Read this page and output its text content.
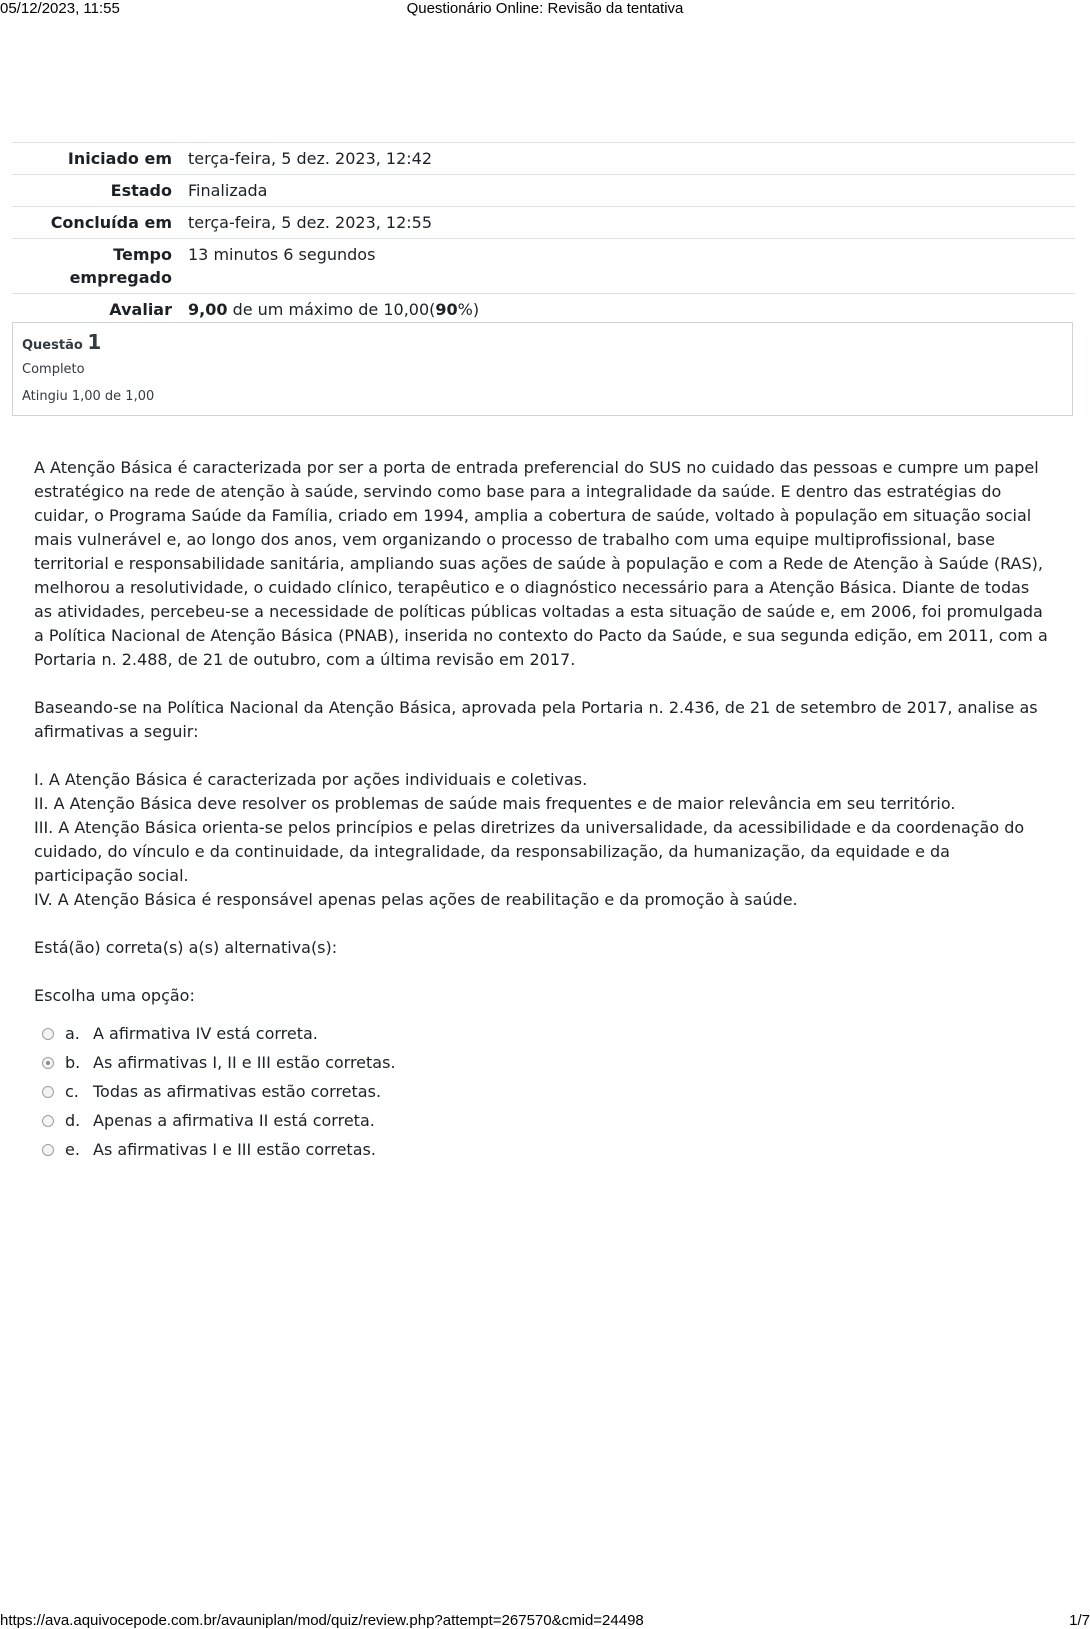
05/12/2023, 11:55	Questionário Online: Revisão da tentativa
Iniciado em	terça-feira, 5 dez. 2023, 12:42
Estado	Finalizada
Concluída em	terça-feira, 5 dez. 2023, 12:55
Tempo empregado	13 minutos 6 segundos
Avaliar	9,00 de um máximo de 10,00(90%)
Questão 1
Completo
Atingiu 1,00 de 1,00

A Atenção Básica é caracterizada por ser a porta de entrada preferencial do SUS no cuidado das pessoas e cumpre um papel estratégico na rede de atenção à saúde, servindo como base para a integralidade da saúde. E dentro das estratégias do cuidar, o Programa Saúde da Família, criado em 1994, amplia a cobertura de saúde, voltado à população em situação social mais vulnerável e, ao longo dos anos, vem organizando o processo de trabalho com uma equipe multiprofissional, base territorial e responsabilidade sanitária, ampliando suas ações de saúde à população e com a Rede de Atenção à Saúde (RAS), melhorou a resolutividade, o cuidado clínico, terapêutico e o diagnóstico necessário para a Atenção Básica. Diante de todas as atividades, percebeu-se a necessidade de políticas públicas voltadas a esta situação de saúde e, em 2006, foi promulgada a Política Nacional de Atenção Básica (PNAB), inserida no contexto do Pacto da Saúde, e sua segunda edição, em 2011, com a Portaria n. 2.488, de 21 de outubro, com a última revisão em 2017.

Baseando-se na Política Nacional da Atenção Básica, aprovada pela Portaria n. 2.436, de 21 de setembro de 2017, analise as afirmativas a seguir:

I. A Atenção Básica é caracterizada por ações individuais e coletivas.

II. A Atenção Básica deve resolver os problemas de saúde mais frequentes e de maior relevância em seu território.

III. A Atenção Básica orienta-se pelos princípios e pelas diretrizes da universalidade, da acessibilidade e da coordenação do cuidado, do vínculo e da continuidade, da integralidade, da responsabilização, da humanização, da equidade e da participação social.

IV. A Atenção Básica é responsável apenas pelas ações de reabilitação e da promoção à saúde.

Está(ão) correta(s) a(s) alternativa(s):

Escolha uma opção:

a. A afirmativa IV está correta.
b. As afirmativas I, II e III estão corretas.
c. Todas as afirmativas estão corretas.
d. Apenas a afirmativa II está correta.
e. As afirmativas I e III estão corretas.
https://ava.aquivocepode.com.br/avauniplan/mod/quiz/review.php?attempt=267570&cmid=24498	1/7
